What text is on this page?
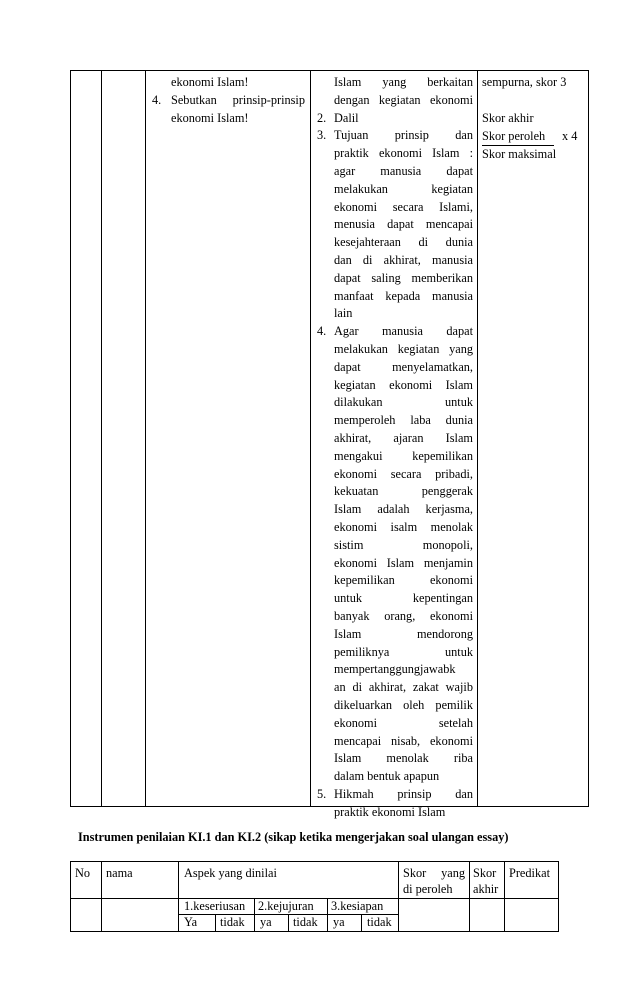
ekonomi Islam!
4. Sebutkan prinsip-prinsip
ekonomi Islam!
Islam yang berkaitan
dengan kegiatan ekonomi
2. Dalil
3. Tujuan prinsip dan
praktik ekonomi Islam :
agar manusia dapat
melakukan kegiatan
ekonomi secara Islami,
menusia dapat mencapai
kesejahteraan di dunia
dan di akhirat, manusia
dapat saling memberikan
manfaat kepada manusia
lain
4. Agar manusia dapat
melakukan kegiatan yang
dapat menyelamatkan,
kegiatan ekonomi Islam
dilakukan untuk
memperoleh laba dunia
akhirat, ajaran Islam
mengakui kepemilikan
ekonomi secara pribadi,
kekuatan penggerak
Islam adalah kerjasma,
ekonomi isalm menolak
sistim monopoli,
ekonomi Islam menjamin
kepemilikan ekonomi
untuk kepentingan
banyak orang, ekonomi
Islam mendorong
pemiliknya untuk
mempertanggungjawabk
an di akhirat, zakat wajib
dikeluarkan oleh pemilik
ekonomi setelah
mencapai nisab, ekonomi
Islam menolak riba
dalam bentuk apapun
5. Hikmah prinsip dan
praktik ekonomi Islam
sempurna, skor 3
Skor akhir
Skor peroleh x 4
Skor maksimal
Instrumen penilaian KI.1 dan KI.2 (sikap ketika mengerjakan soal ulangan essay)
No nama	Aspek yang dinilai	Skor yang
di peroleh
Skor
akhir
Predikat
1.keseriusan 2.kejujuran 3.kesiapan
Ya tidak ya tidak ya tidak
